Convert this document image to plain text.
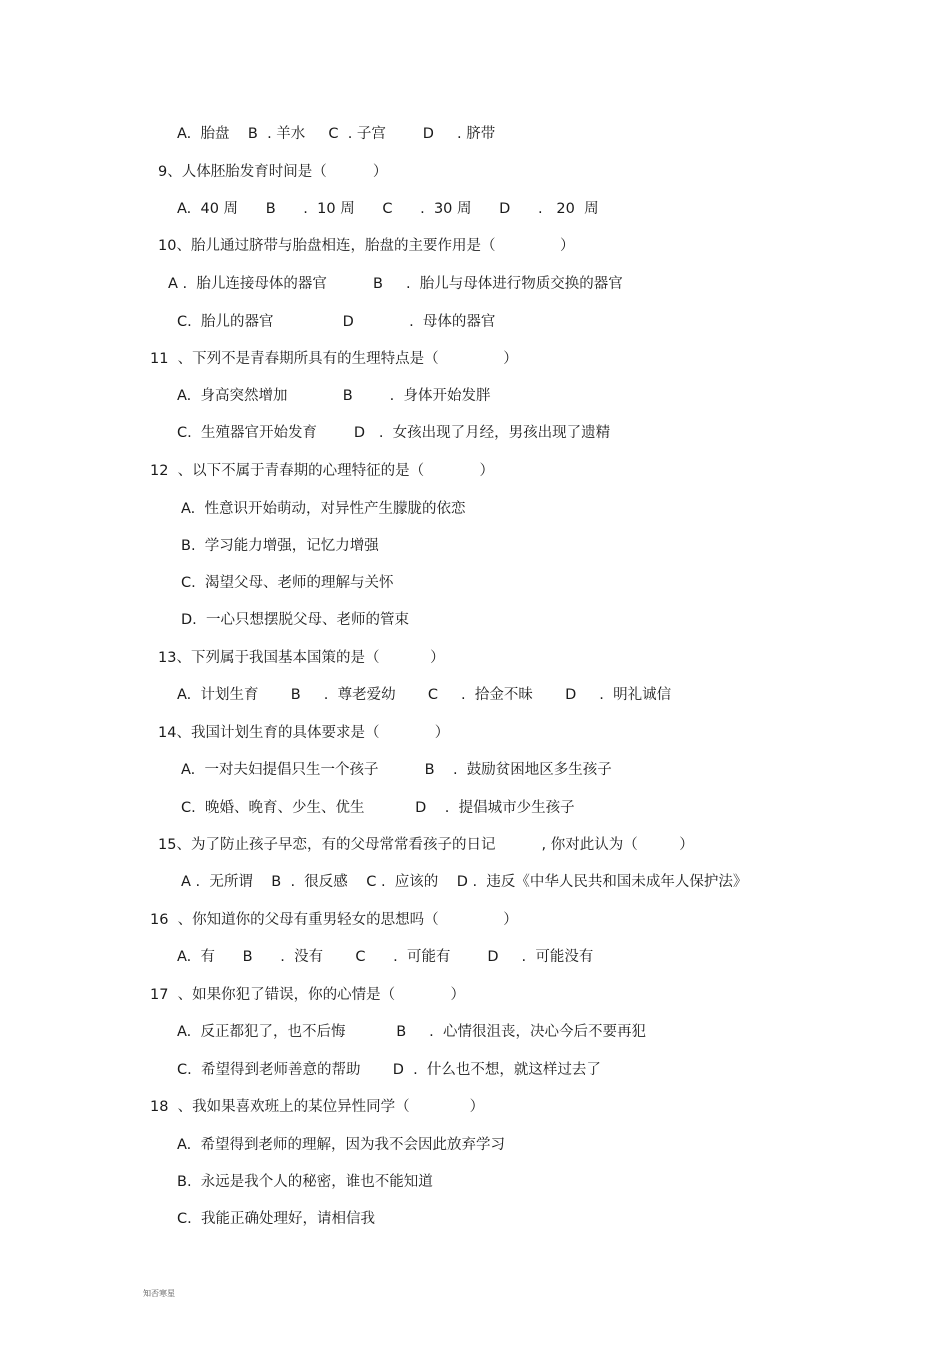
A.  胎盘    B  . 羊水     C  . 子宫        D     . 脐带
9、人体胚胎发育时间是（          ）
A.  40 周      B      .  10 周      C      .  30 周      D      .   20  周
10、胎儿通过脐带与胎盘相连，胎盘的主要作用是（              ）
A .  胎儿连接母体的器官          B     .  胎儿与母体进行物质交换的器官
C.  胎儿的器官               D            .  母体的器官
11  、下列不是青春期所具有的生理特点是（              ）
A.  身高突然增加            B        .  身体开始发胖
C.  生殖器官开始发育        D   .  女孩出现了月经，男孩出现了遗精
12  、以下不属于青春期的心理特征的是（            ）
A.  性意识开始萌动，对异性产生朦胧的依恋
B.  学习能力增强，记忆力增强
C.  渴望父母、老师的理解与关怀
D.  一心只想摆脱父母、老师的管束
13、下列属于我国基本国策的是（           ）
A.  计划生育       B     .  尊老爱幼       C     .  拾金不昧       D     .  明礼诚信
14、我国计划生育的具体要求是（            ）
A.  一对夫妇提倡只生一个孩子          B    .  鼓励贫困地区多生孩子
C.  晚婚、晚育、少生、优生           D    .  提倡城市少生孩子
15、为了防止孩子早恋，有的父母常常看孩子的日记          , 你对此认为（         ）
A .  无所谓    B  .  很反感    C .  应该的    D .  违反《中华人民共和国未成年人保护法》
16  、你知道你的父母有重男轻女的思想吗（              ）
A.  有      B      .  没有       C      .  可能有        D     .  可能没有
17  、如果你犯了错误，你的心情是（            ）
A.  反正都犯了，也不后悔           B     .  心情很沮丧，决心今后不要再犯
C.  希望得到老师善意的帮助       D  .  什么也不想，就这样过去了
18  、我如果喜欢班上的某位异性同学（             ）
A.  希望得到老师的理解，因为我不会因此放弃学习
B.  永远是我个人的秘密，谁也不能知道
C.  我能正确处理好，请相信我
知否寒星
